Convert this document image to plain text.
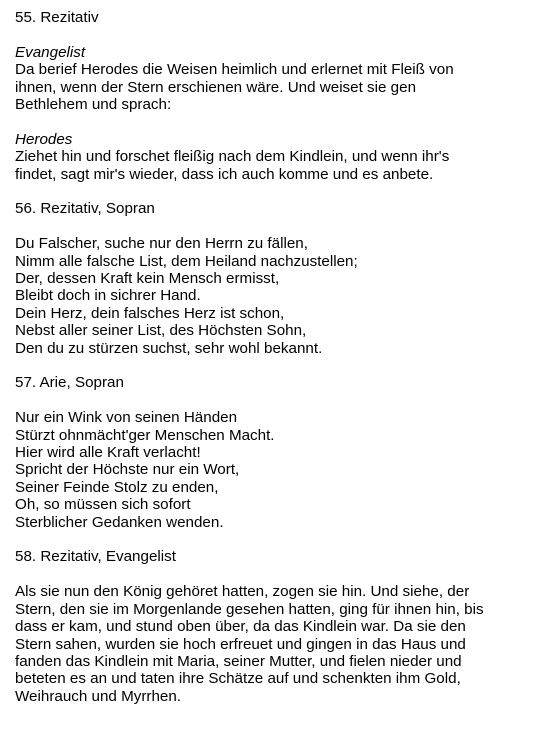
55. Rezitativ
Evangelist
Da berief Herodes die Weisen heimlich und erlernet mit Fleiß von
ihnen, wenn der Stern erschienen wäre. Und weiset sie gen
Bethlehem und sprach:
Herodes
Ziehet hin und forschet fleißig nach dem Kindlein, und wenn ihr's
findet, sagt mir's wieder, dass ich auch komme und es anbete.
56. Rezitativ, Sopran
Du Falscher, suche nur den Herrn zu fällen,
Nimm alle falsche List, dem Heiland nachzustellen;
Der, dessen Kraft kein Mensch ermisst,
Bleibt doch in sichrer Hand.
Dein Herz, dein falsches Herz ist schon,
Nebst aller seiner List, des Höchsten Sohn,
Den du zu stürzen suchst, sehr wohl bekannt.
57. Arie, Sopran
Nur ein Wink von seinen Händen
Stürzt ohnmächt'ger Menschen Macht.
Hier wird alle Kraft verlacht!
Spricht der Höchste nur ein Wort,
Seiner Feinde Stolz zu enden,
Oh, so müssen sich sofort
Sterblicher Gedanken wenden.
58. Rezitativ, Evangelist
Als sie nun den König gehöret hatten, zogen sie hin. Und siehe, der
Stern, den sie im Morgenlande gesehen hatten, ging für ihnen hin, bis
dass er kam, und stund oben über, da das Kindlein war. Da sie den
Stern sahen, wurden sie hoch erfreuet und gingen in das Haus und
fanden das Kindlein mit Maria, seiner Mutter, und fielen nieder und
beteten es an und taten ihre Schätze auf und schenkten ihm Gold,
Weihrauch und Myrrhen.
